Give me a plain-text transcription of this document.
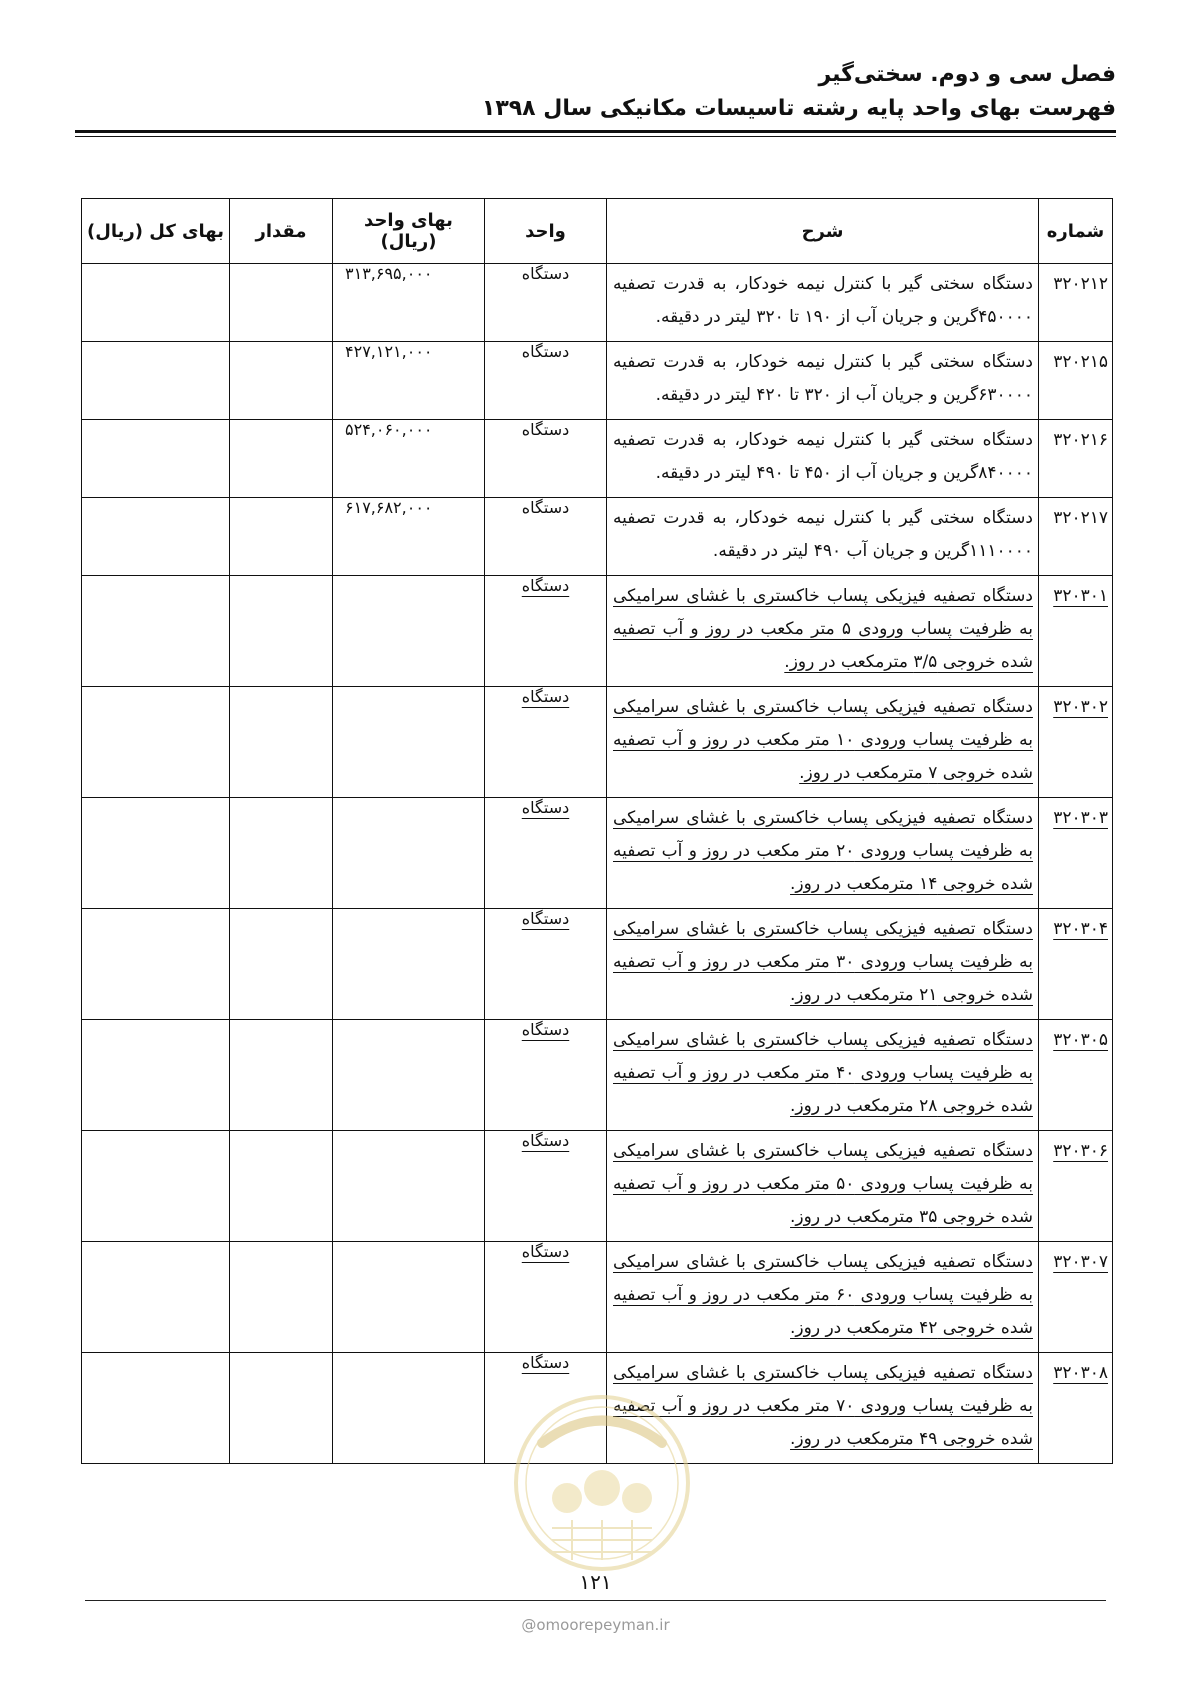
فصل سی و دوم. سختی‌گیر
فهرست بهای واحد پایه رشته تاسیسات مکانیکی سال ۱۳۹۸
شماره	شرح	واحد	بهای واحد (ریال)	مقدار	بهای کل (ریال)

۳۲۰۲۱۲	دستگاه سختی گیر با کنترل نیمه خودکار، به قدرت تصفیه ۴۵۰۰۰۰گرین و جریان آب از ۱۹۰ تا ۳۲۰ لیتر در دقیقه.	دستگاه	۳۱۳,۶۹۵,۰۰۰		

۳۲۰۲۱۵	دستگاه سختی گیر با کنترل نیمه خودکار، به قدرت تصفیه ۶۳۰۰۰۰گرین و جریان آب از ۳۲۰ تا ۴۲۰ لیتر در دقیقه.	دستگاه	۴۲۷,۱۲۱,۰۰۰		

۳۲۰۲۱۶	دستگاه سختی گیر با کنترل نیمه خودکار، به قدرت تصفیه ۸۴۰۰۰۰گرین و جریان آب از ۴۵۰ تا ۴۹۰ لیتر در دقیقه.	دستگاه	۵۲۴,۰۶۰,۰۰۰		

۳۲۰۲۱۷	دستگاه سختی گیر با کنترل نیمه خودکار، به قدرت تصفیه ۱۱۱۰۰۰۰گرین و جریان آب ۴۹۰ لیتر در دقیقه.	دستگاه	۶۱۷,۶۸۲,۰۰۰		

۳۲۰۳۰۱	دستگاه تصفیه فیزیکی پساب خاکستری با غشای سرامیکی به ظرفیت پساب ورودی ۵ متر مکعب در روز و آب تصفیه شده خروجی ۳/۵ مترمکعب در روز.	دستگاه			

۳۲۰۳۰۲	دستگاه تصفیه فیزیکی پساب خاکستری با غشای سرامیکی به ظرفیت پساب ورودی ۱۰ متر مکعب در روز و آب تصفیه شده خروجی ۷ مترمکعب در روز.	دستگاه			

۳۲۰۳۰۳	دستگاه تصفیه فیزیکی پساب خاکستری با غشای سرامیکی به ظرفیت پساب ورودی ۲۰ متر مکعب در روز و آب تصفیه شده خروجی ۱۴ مترمکعب در روز.	دستگاه			

۳۲۰۳۰۴	دستگاه تصفیه فیزیکی پساب خاکستری با غشای سرامیکی به ظرفیت پساب ورودی ۳۰ متر مکعب در روز و آب تصفیه شده خروجی ۲۱ مترمکعب در روز.	دستگاه			

۳۲۰۳۰۵	دستگاه تصفیه فیزیکی پساب خاکستری با غشای سرامیکی به ظرفیت پساب ورودی ۴۰ متر مکعب در روز و آب تصفیه شده خروجی ۲۸ مترمکعب در روز.	دستگاه			

۳۲۰۳۰۶	دستگاه تصفیه فیزیکی پساب خاکستری با غشای سرامیکی به ظرفیت پساب ورودی ۵۰ متر مکعب در روز و آب تصفیه شده خروجی ۳۵ مترمکعب در روز.	دستگاه			

۳۲۰۳۰۷	دستگاه تصفیه فیزیکی پساب خاکستری با غشای سرامیکی به ظرفیت پساب ورودی ۶۰ متر مکعب در روز و آب تصفیه شده خروجی ۴۲ مترمکعب در روز.	دستگاه			

۳۲۰۳۰۸	دستگاه تصفیه فیزیکی پساب خاکستری با غشای سرامیکی به ظرفیت پساب ورودی ۷۰ متر مکعب در روز و آب تصفیه شده خروجی ۴۹ مترمکعب در روز.	دستگاه			

۱۲۱
@omoorepeyman.ir
